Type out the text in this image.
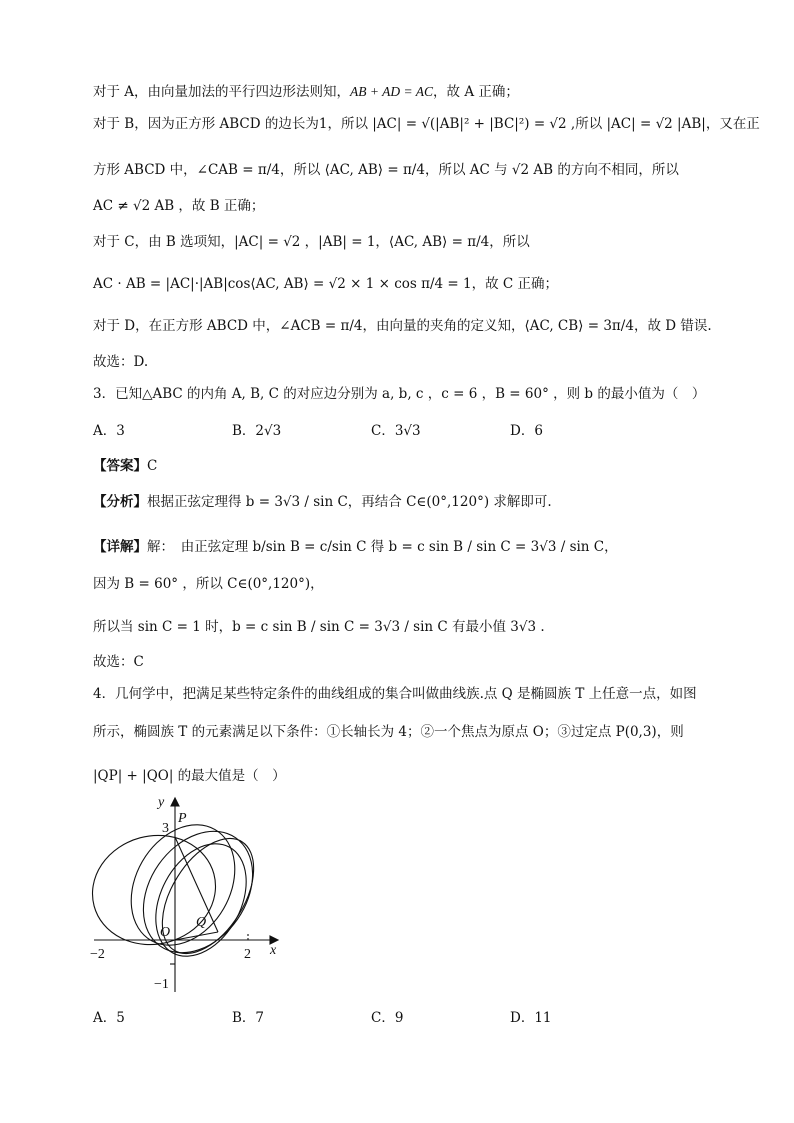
对于 A，由向量加法的平行四边形法则知，AB + AD = AC，故 A 正确；
对于 B，因为正方形 ABCD 的边长为1，所以 |AC| = √(|AB|² + |BC|²) = √2 ,所以 |AC| = √2 |AB|，又在正
方形 ABCD 中，∠CAB = π/4，所以 ⟨AC, AB⟩ = π/4，所以 AC 与 √2 AB 的方向不相同，所以
AC ≠ √2 AB ，故 B 正确；
对于 C，由 B 选项知，|AC| = √2 ，|AB| = 1，⟨AC, AB⟩ = π/4，所以
AC · AB = |AC|·|AB|cos⟨AC, AB⟩ = √2 × 1 × cos π/4 = 1，故 C 正确；
对于 D，在正方形 ABCD 中，∠ACB = π/4，由向量的夹角的定义知，⟨AC, CB⟩ = 3π/4，故 D 错误.
故选：D.
3．已知△ABC 的内角 A, B, C 的对应边分别为 a, b, c ，c = 6 ，B = 60° ，则 b 的最小值为（　）
A．3	B．2√3	C．3√3	D．6
【答案】C
【分析】根据正弦定理得 b = 3√3 / sin C，再结合 C∈(0°,120°) 求解即可.
【详解】解：　由正弦定理 b/sin B = c/sin C 得 b = c sin B / sin C = 3√3 / sin C，
因为 B = 60° ，所以 C∈(0°,120°)，
所以当 sin C = 1 时，b = c sin B / sin C = 3√3 / sin C 有最小值 3√3 .
故选：C
4．几何学中，把满足某些特定条件的曲线组成的集合叫做曲线族.点 Q 是椭圆族 T 上任意一点，如图
所示，椭圆族 T 的元素满足以下条件：①长轴长为 4；②一个焦点为原点 O；③过定点 P(0,3)，则
|QP| + |QO| 的最大值是（　）
y
x
P
Q
O
3
−2	2
−1
A．5	B．7	C．9	D．11
